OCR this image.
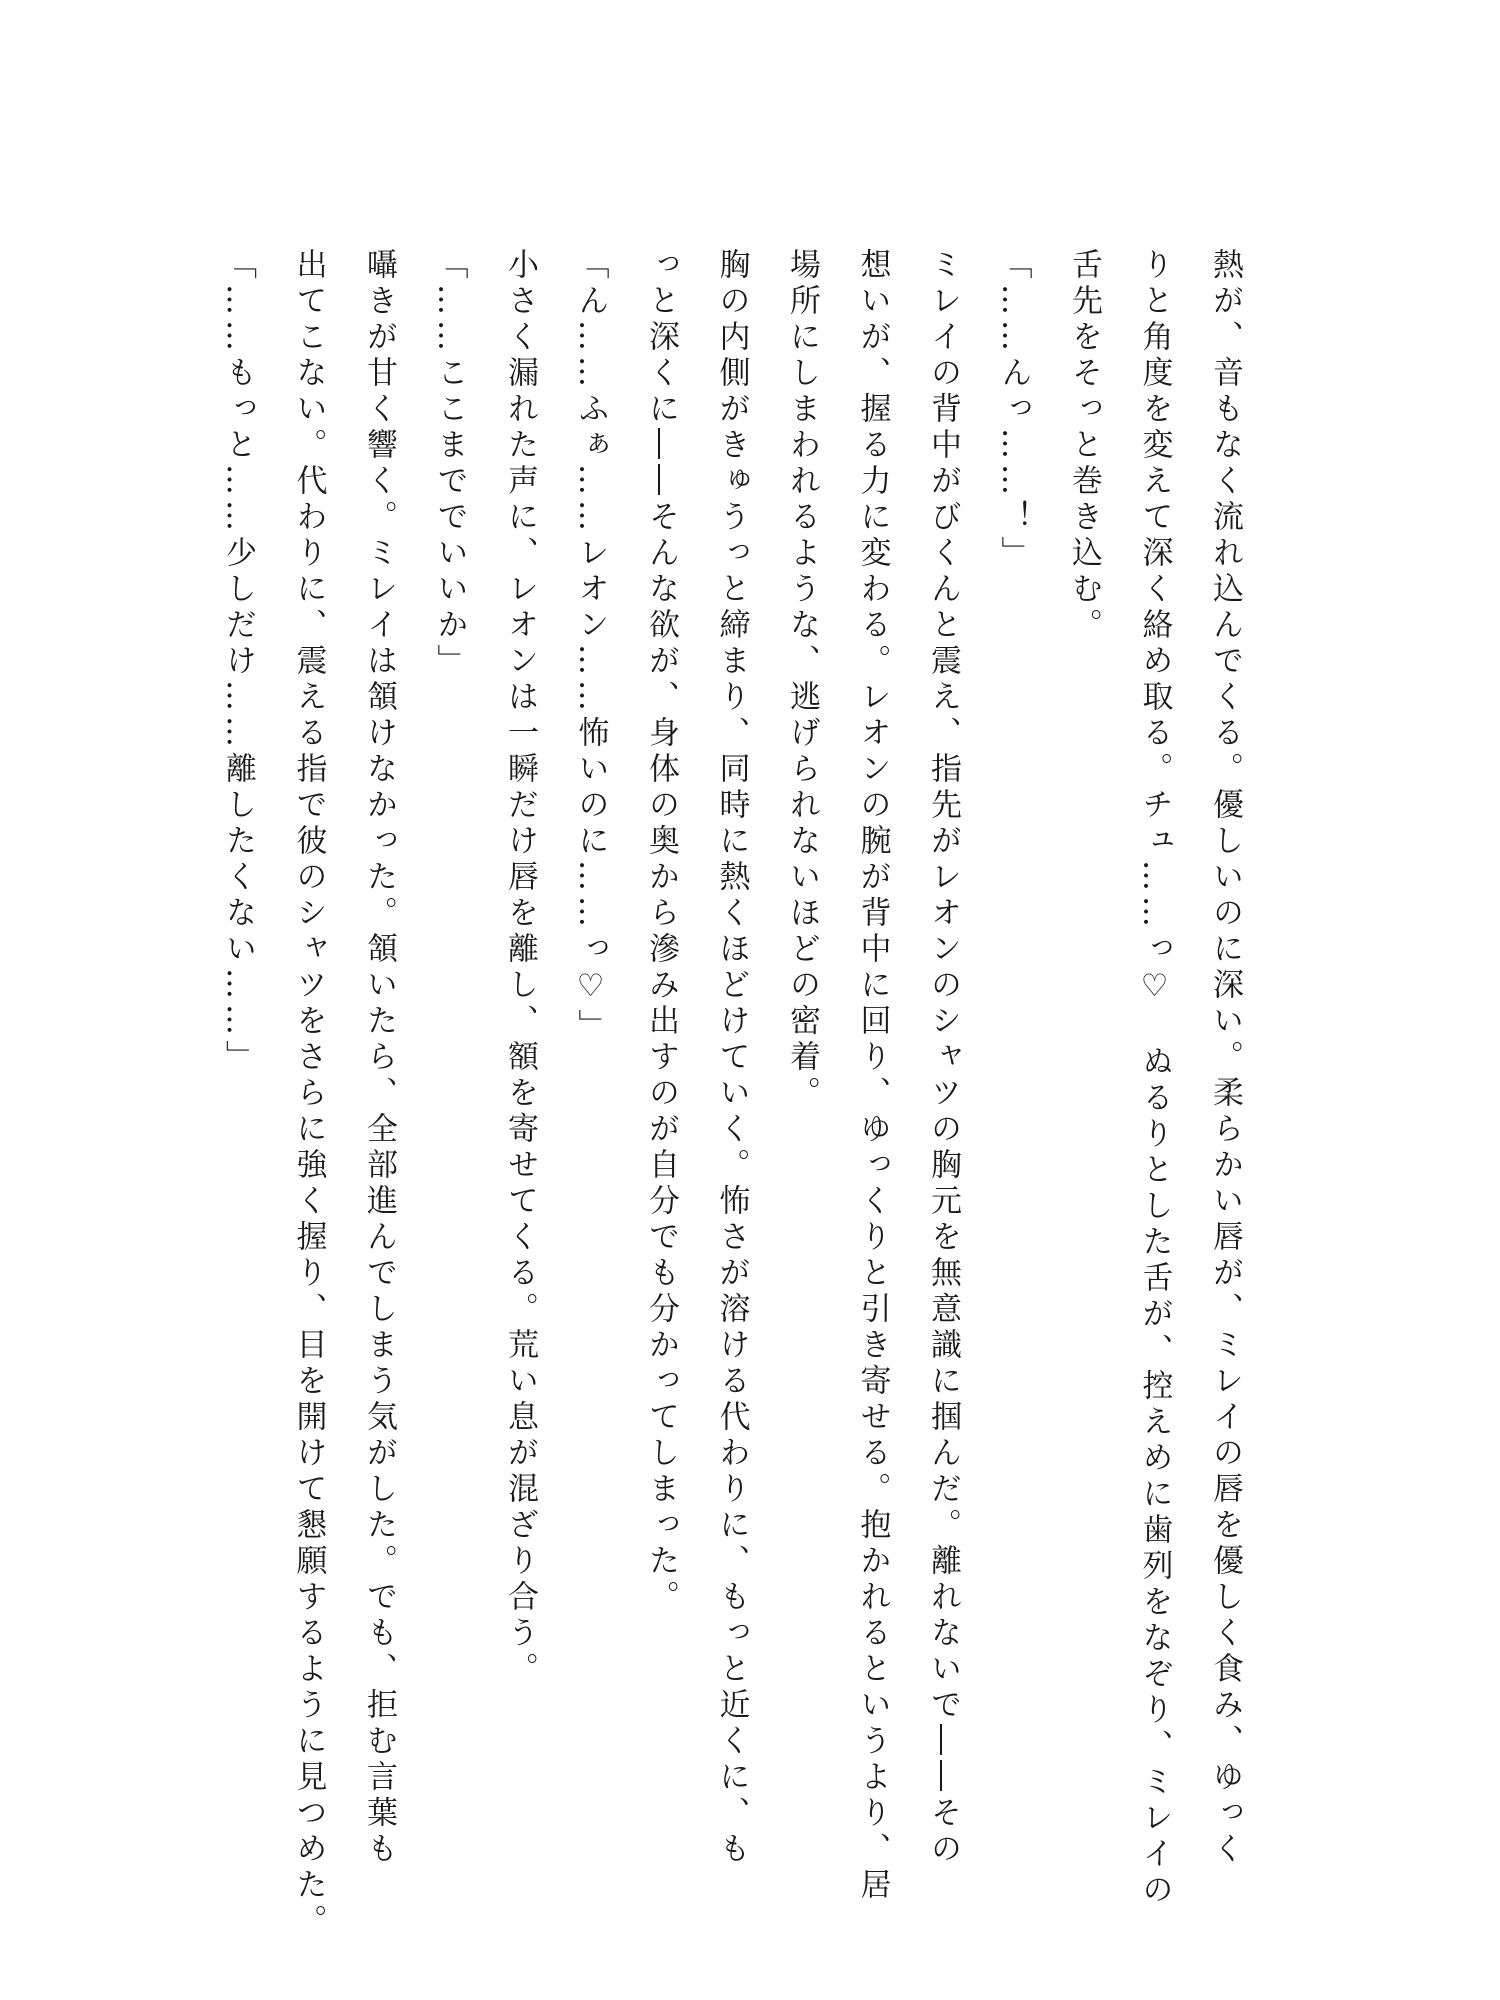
熱が、音もなく流れ込んでくる。優しいのに深い。柔らかい唇が、ミレイの唇を優しく食み、ゆっく
りと角度を変えて深く絡め取る。チュ……っ♡　ぬるりとした舌が、控えめに歯列をなぞり、ミレイの
舌先をそっと巻き込む。
「……んっ……！」
ミレイの背中がびくんと震え、指先がレオンのシャツの胸元を無意識に掴んだ。離れないで――その
想いが、握る力に変わる。レオンの腕が背中に回り、ゆっくりと引き寄せる。抱かれるというより、居
場所にしまわれるような、逃げられないほどの密着。
胸の内側がきゅうっと締まり、同時に熱くほどけていく。怖さが溶ける代わりに、もっと近くに、も
っと深くに――そんな欲が、身体の奥から滲み出すのが自分でも分かってしまった。
「ん……ふぁ……レオン……怖いのに……っ♡」
小さく漏れた声に、レオンは一瞬だけ唇を離し、額を寄せてくる。荒い息が混ざり合う。
「……ここまででいいか」
囁きが甘く響く。ミレイは頷けなかった。頷いたら、全部進んでしまう気がした。でも、拒む言葉も
出てこない。代わりに、震える指で彼のシャツをさらに強く握り、目を開けて懇願するように見つめた。
「……もっと……少しだけ……離したくない……」
